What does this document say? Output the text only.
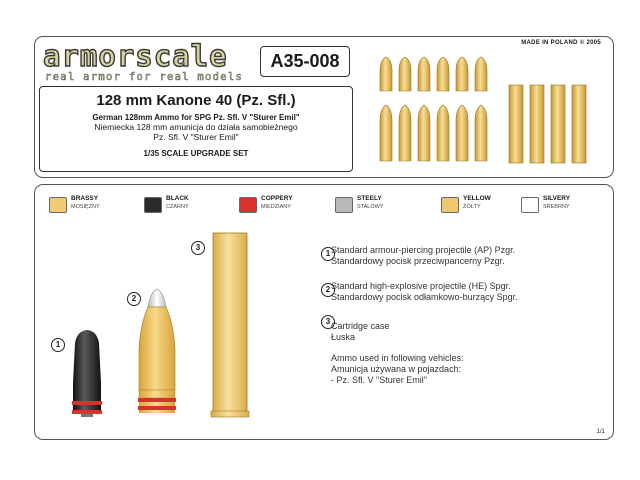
armorscale
real armor for real models
A35-008
MADE IN POLAND © 2005
128 mm Kanone 40 (Pz. Sfl.)
German 128mm Ammo for SPG Pz. Sfl. V "Sturer Emil"
Niemiecka 128 mm amunicja do działa samobieżnego
Pz. Sfl. V "Sturer Emil"
1/35 SCALE UPGRADE SET
BRASSY
MOSIĘŻNY
BLACK
CZARNY
COPPERY
MIEDZIANY
STEELY
STALOWY
YELLOW
ŻÓŁTY
SILVERY
SREBRNY
1
2
3
1 Standard armour-piercing projectile (AP) Pzgr.
Standardowy pocisk przeciwpancerny Pzgr.
2 Standard high-explosive projectile (HE) Spgr.
Standardowy pocisk odłamkowo-burzący Spgr.
3 Cartridge case
Łuska
Ammo used in following vehicles:
Amunicja używana w pojazdach:
- Pz. Sfl. V "Sturer Emil"
1/1
